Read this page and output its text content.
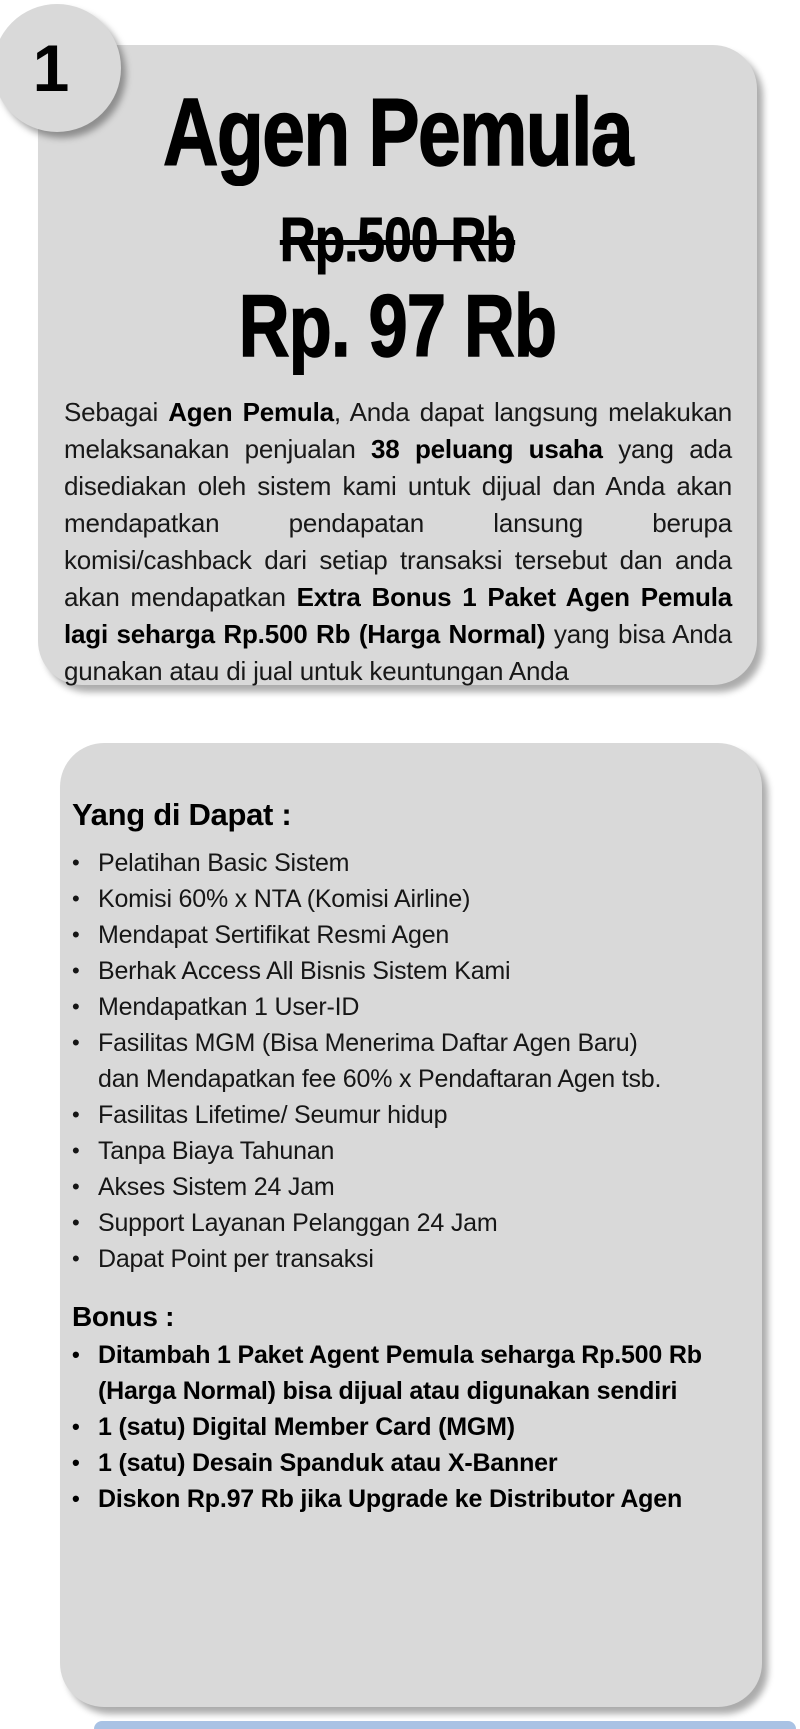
Agen Pemula
Rp.500 Rb
Rp. 97 Rb

Sebagai Agen Pemula, Anda dapat langsung melakukan melaksanakan penjualan 38 peluang usaha yang ada disediakan oleh sistem kami untuk dijual dan Anda akan mendapatkan pendapatan lansung berupa komisi/cashback dari setiap transaksi tersebut dan anda akan mendapatkan Extra Bonus 1 Paket Agen Pemula lagi seharga Rp.500 Rb (Harga Normal) yang bisa Anda gunakan atau di jual untuk keuntungan Anda

1
Yang di Dapat :
• Pelatihan Basic Sistem
• Komisi 60% x NTA (Komisi Airline)
• Mendapat Sertifikat Resmi Agen
• Berhak Access All Bisnis Sistem Kami
• Mendapatkan 1 User-ID
• Fasilitas MGM (Bisa Menerima Daftar Agen Baru)
dan Mendapatkan fee 60% x Pendaftaran Agen tsb.
• Fasilitas Lifetime/ Seumur hidup
• Tanpa Biaya Tahunan
• Akses Sistem 24 Jam
• Support Layanan Pelanggan 24 Jam
• Dapat Point per transaksi
Bonus :
• Ditambah 1 Paket Agent Pemula seharga Rp.500 Rb
(Harga Normal) bisa dijual atau digunakan sendiri
• 1 (satu) Digital Member Card (MGM)
• 1 (satu) Desain Spanduk atau X-Banner
• Diskon Rp.97 Rb jika Upgrade ke Distributor Agen
